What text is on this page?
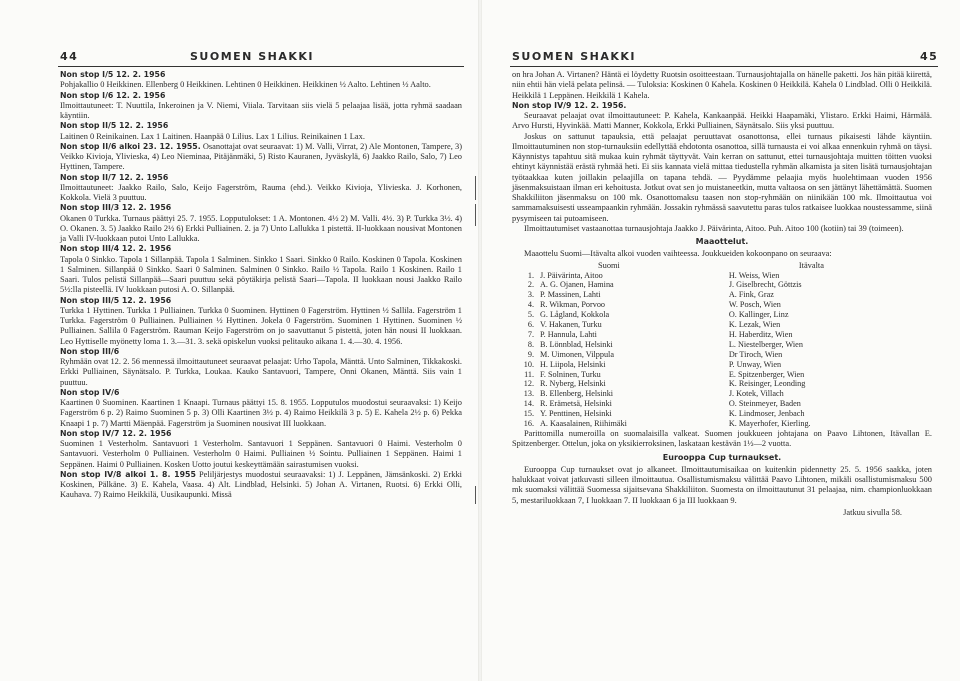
44	SUOMEN SHAKKI

Non stop I/5 12. 2. 1956

Pohjakallio 0 Heikkinen. Ellenberg 0 Heikkinen. Lehtinen 0 Heikkinen. Heikkinen ½ Aalto. Lehtinen ½ Aalto.

Non stop I/6 12. 2. 1956

Ilmoittautuneet: T. Nuuttila, Inkeroinen ja V. Niemi, Viiala. Tarvitaan siis vielä 5 pelaajaa lisää, jotta ryhmä saadaan käyntiin.

Non stop II/5 12. 2. 1956

Laitinen 0 Reinikainen. Lax 1 Laitinen. Haanpää 0 Lilius. Lax 1 Lilius. Reinikainen 1 Lax.

Non stop II/6 alkoi 23. 12. 1955. Osanottajat ovat seuraavat: 1) M. Valli, Virrat, 2) Ale Montonen, Tampere, 3) Veikko Kivioja, Ylivieska, 4) Leo Nieminaa, Pitäjänmäki, 5) Risto Kauranen, Jyväskylä, 6) Jaakko Railo, Salo, 7) Leo Hyttinen, Tampere.

Non stop II/7 12. 2. 1956

Ilmoittautuneet: Jaakko Railo, Salo, Keijo Fagerström, Rauma (ehd.). Veikko Kivioja, Ylivieska. J. Korhonen, Kokkola. Vielä 3 puuttuu.

Non stop III/3 12. 2. 1956

Okanen 0 Turkka. Turnaus päättyi 25. 7. 1955. Lopputulokset: 1 A. Montonen. 4½ 2) M. Valli. 4½. 3) P. Turkka 3½. 4) O. Okanen. 3. 5) Jaakko Railo 2½ 6) Erkki Pulliainen. 2. ja 7) Unto Lallukka 1 pistettä. II-luokkaan nousivat Montonen ja Valli IV-luokkaan putoi Unto Lallukka.

Non stop III/4 12. 2. 1956

Tapola 0 Sinkko. Tapola 1 Sillanpää. Tapola 1 Salminen. Sinkko 1 Saari. Sinkko 0 Railo. Koskinen 0 Tapola. Koskinen 1 Salminen. Sillanpää 0 Sinkko. Saari 0 Salminen. Salminen 0 Sinkko. Railo ½ Tapola. Railo 1 Koskinen. Railo 1 Saari. Tulos pelistä Sillanpää—Saari puuttuu sekä pöytäkirja pelistä Saari—Tapola. II luokkaan nousi Jaakko Railo 5½:lla pisteellä. IV luokkaan putosi A. O. Sillanpää.

Non stop III/5 12. 2. 1956

Turkka 1 Hyttinen. Turkka 1 Pulliainen. Turkka 0 Suominen. Hyttinen 0 Fagerström. Hyttinen ½ Sallila. Fagerström 1 Turkka. Fagerström 0 Pulliainen. Pulliainen ½ Hyttinen. Jokela 0 Fagerström. Suominen 1 Hyttinen. Suominen ½ Pulliainen. Sallila 0 Fagerström. Rauman Keijo Fagerström on jo saavuttanut 5 pistettä, joten hän nousi II luokkaan. Leo Hyttiselle myönetty loma 1. 3.—31. 3. sekä opiskelun vuoksi pelitauko aikana 1. 4.—30. 4. 1956.

Non stop III/6

Ryhmään ovat 12. 2. 56 mennessä ilmoittautuneet seuraavat pelaajat: Urho Tapola, Mänttä. Unto Salminen, Tikkakoski. Erkki Pulliainen, Säynätsalo. P. Turkka, Loukaa. Kauko Santavuori, Tampere, Onni Okanen, Mänttä. Siis vain 1 puuttuu.

Non stop IV/6

Kaartinen 0 Suominen. Kaartinen 1 Knaapi. Turnaus päättyi 15. 8. 1955. Lopputulos muodostui seuraavaksi: 1) Keijo Fagerström 6 p. 2) Raimo Suominen 5 p. 3) Olli Kaartinen 3½ p. 4) Raimo Heikkilä 3 p. 5) E. Kahela 2½ p. 6) Pekka Knaapi 1 p. 7) Martti Mäenpää. Fagerström ja Suominen nousivat III luokkaan.

Non stop IV/7 12. 2. 1956

Suominen 1 Vesterholm. Santavuori 1 Vesterholm. Santavuori 1 Seppänen. Santavuori 0 Haimi. Vesterholm 0 Santavuori. Vesterholm 0 Pulliainen. Vesterholm 0 Haimi. Pulliainen ½ Sointu. Pulliainen 1 Seppänen. Haimi 1 Seppänen. Haimi 0 Pulliainen. Kosken Uotto joutui keskeyttämään sairastumisen vuoksi.

Non stop IV/8 alkoi 1. 8. 1955 Peliljärjestys muodostui seuraavaksi: 1) J. Leppänen, Jämsänkoski. 2) Erkki Koskinen, Pälkäne. 3) E. Kahela, Vaasa. 4) Alt. Lindblad, Helsinki. 5) Johan A. Virtanen, Ruotsi. 6) Erkki Olli, Kauhava. 7) Raimo Heikkilä, Uusikaupunki. Missä

SUOMEN SHAKKI	45

on hra Johan A. Virtanen? Häntä ei löydetty Ruotsin osoitteestaan. Turnausjohtajalla on hänelle paketti. Jos hän pitää kiirettä, niin ehtii hän vielä pelata pelinsä. — Tuloksia: Koskinen 0 Kahela. Koskinen 0 Heikkilä. Kahela 0 Lindblad. Olli 0 Heikkilä. Heikkilä 1 Leppänen. Heikkilä 1 Kahela.

Non stop IV/9 12. 2. 1956.

Seuraavat pelaajat ovat ilmoittautuneet: P. Kahela, Kankaanpää. Heikki Haapamäki, Ylistaro. Erkki Haimi, Härmälä. Arvo Hursti, Hyvinkää. Matti Manner, Kokkola, Erkki Pulliainen, Säynätsalo. Siis yksi puuttuu.

Joskus on sattunut tapauksia, että pelaajat peruuttavat osanottonsa, ellei turnaus pikaisesti lähde käyntiin. Ilmoittautuminen non stop-turnauksiin edellyttää ehdotonta osanottoa, sillä turnausta ei voi alkaa ennenkuin ryhmä on täysi. Käynnistys tapahtuu sitä mukaa kuin ryhmät täyttyvät. Vain kerran on sattunut, ettei turnausjohtaja muitten töitten vuoksi ehtinyt käynnistää erästä ryhmää heti. Ei siis kannata vielä mittaa tiedustella ryhmän alkamista ja siten lisätä turnausjohtajan työtaakkaa kuten joillakin pelaajilla on tapana tehdä. — Pyydämme pelaajia myös huolehtimaan vuoden 1956 jäsenmaksuistaan ilman eri kehoitusta. Jotkut ovat sen jo muistaneetkin, mutta valtaosa on sen jättänyt lähettämättä. Suomen Shakkiliiton jäsenmaksu on 100 mk. Osanottomaksu taasen non stop-ryhmään on niinikään 100 mk. Ilmoittautua voi sammamaksuisesti usseampaankin ryhmään. Jossakin ryhmässä saavutettu paras tulos ratkaisee luokkaa noustessamme, siinä pysymiseen tai putoamiseen.

Ilmoittautumiset vastaanottaa turnausjohtaja Jaakko J. Päivärinta, Aitoo. Puh. Aitoo 100 (kotiin) tai 39 (toimeen).

Maaottelut.

Maaottelu Suomi—Itävalta alkoi vuoden vaihteessa. Joukkueiden kokoonpano on seuraava:

	Suomi	Itävalta
1.	J. Päivärinta, Aitoo	H. Weiss, Wien
2.	A. G. Ojanen, Hamina	J. Giselbrecht, Göttzis
3.	P. Massinen, Lahti	A. Fink, Graz
4.	R. Wikman, Porvoo	W. Posch, Wien
5.	G. Lågland, Kokkola	O. Kallinger, Linz
6.	V. Hakanen, Turku	K. Lezak, Wien
7.	P. Hannula, Lahti	H. Haberditz, Wien
8.	B. Lönnblad, Helsinki	L. Niestelberger, Wien
9.	M. Uimonen, Vilppula	Dr Tiroch, Wien
10.	H. Liipola, Helsinki	P. Unway, Wien
11.	F. Solninen, Turku	E. Spitzenberger, Wien
12.	R. Nyberg, Helsinki	K. Reisinger, Leonding
13.	B. Ellenberg, Helsinki	J. Kotek, Villach
14.	R. Erämetsä, Helsinki	O. Steinmeyer, Baden
15.	Y. Penttinen, Helsinki	K. Lindmoser, Jenbach
16.	A. Kaasalainen, Riihimäki	K. Mayerhofer, Kierling.

Parittomilla numeroilla on suomalaisilla valkeat. Suomen joukkueen johtajana on Paavo Lihtonen, Itävallan E. Spitzenberger. Ottelun, joka on yksikierroksinen, laskataan kestävän 1½—2 vuotta.

Eurooppa Cup turnaukset.

Eurooppa Cup turnaukset ovat jo alkaneet. Ilmoittautumisaikaa on kuitenkin pidennetty 25. 5. 1956 saakka, joten halukkaat voivat jatkuvasti silleen ilmoittautua. Osallistumismaksu välittää Paavo Lihtonen, mikäli osallistumismaksu 500 mk suomaksi välittää Suomessa sijaitsevana Shakkiliiton. Suomesta on ilmoittautunut 31 pelaajaa, nim. championluokkaan 5, mestariluokkaan 7, I luokkaan 7. II luokkaan 6 ja III luokkaan 9.

Jatkuu sivulla 58.
